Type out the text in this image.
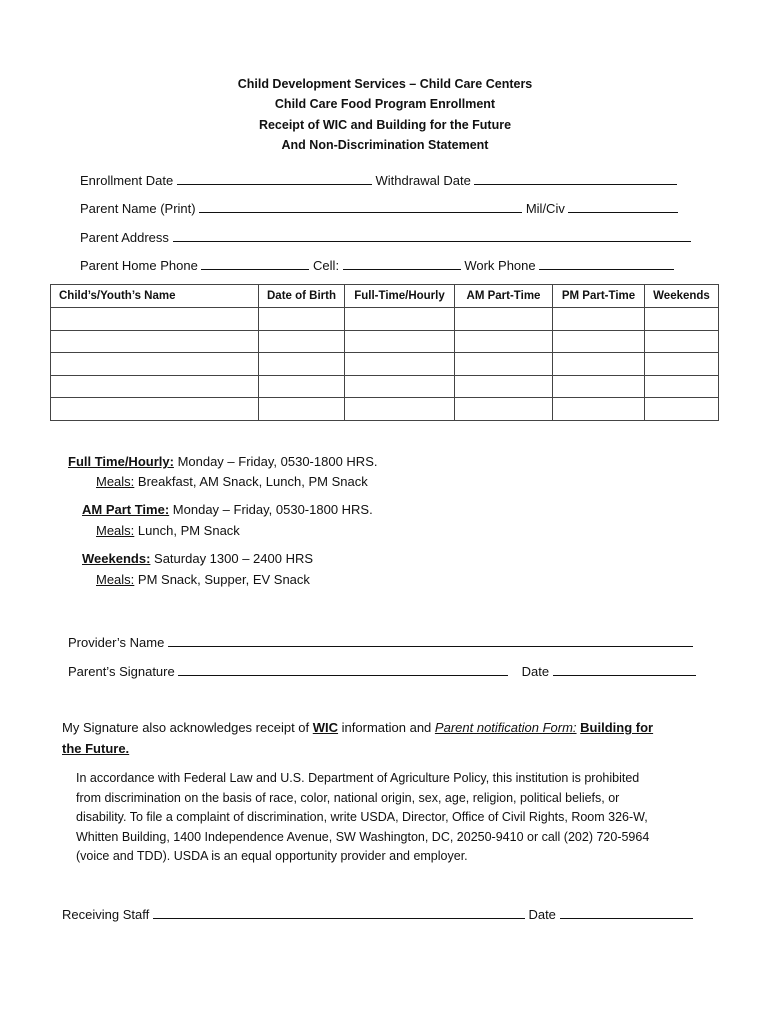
Child Development Services – Child Care Centers
Child Care Food Program Enrollment
Receipt of WIC and Building for the Future
And Non-Discrimination Statement
Enrollment Date	Withdrawal Date
Parent Name (Print)	Mil/Civ
Parent Address
Parent Home Phone	Cell:	Work Phone
Child’s/Youth’s Name	Date of Birth	Full-Time/Hourly	AM Part-Time	PM Part-Time	Weekends

Full Time/Hourly: Monday – Friday, 0530-1800 HRS.
Meals: Breakfast, AM Snack, Lunch, PM Snack
AM Part Time: Monday – Friday, 0530-1800 HRS.
Meals: Lunch, PM Snack
Weekends: Saturday 1300 – 2400 HRS
Meals: PM Snack, Supper, EV Snack
Provider’s Name
Parent’s Signature	Date
My Signature also acknowledges receipt of WIC information and Parent notification Form: Building for
the Future.
In accordance with Federal Law and U.S. Department of Agriculture Policy, this institution is prohibited
from discrimination on the basis of race, color, national origin, sex, age, religion, political beliefs, or
disability. To file a complaint of discrimination, write USDA, Director, Office of Civil Rights, Room 326-W,
Whitten Building, 1400 Independence Avenue, SW Washington, DC, 20250-9410 or call (202) 720-5964
(voice and TDD). USDA is an equal opportunity provider and employer.
Receiving Staff	Date
